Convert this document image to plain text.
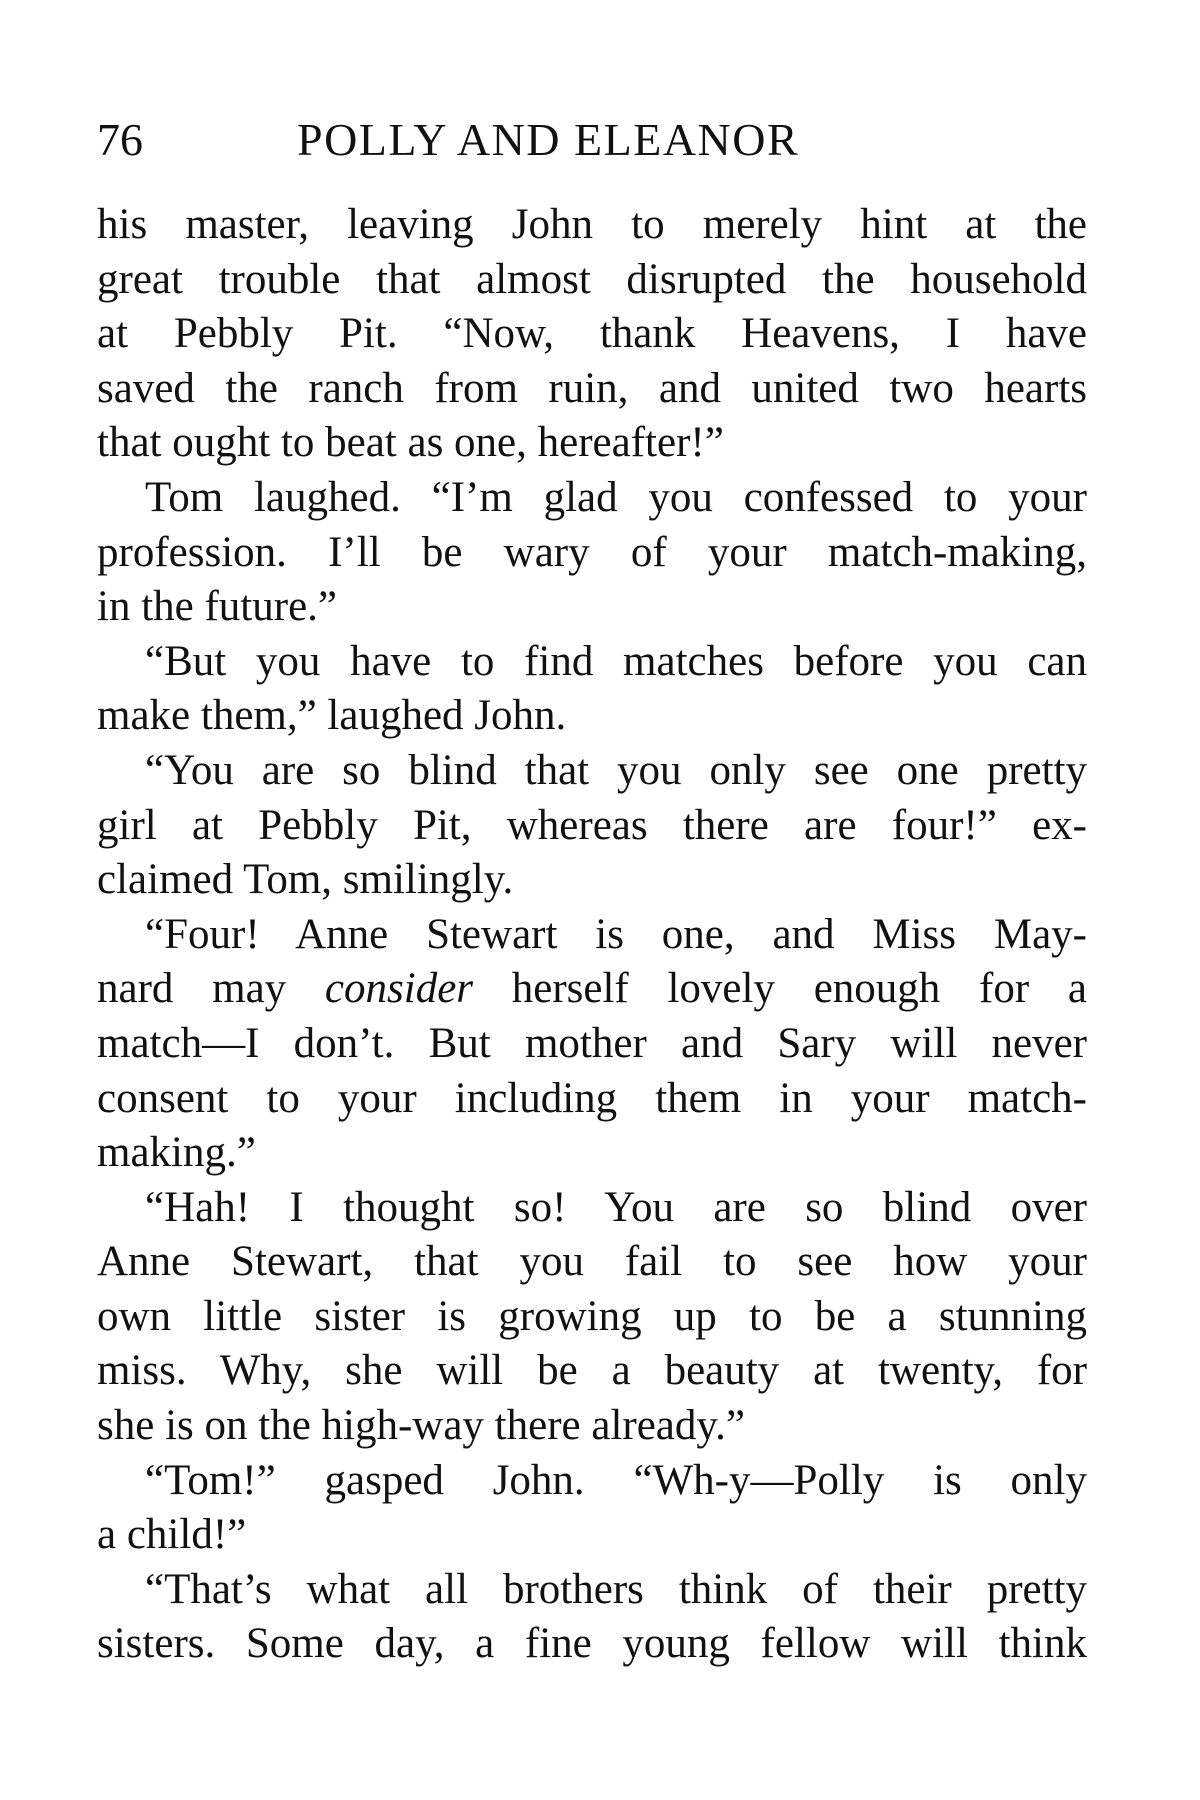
76	POLLY AND ELEANOR
his master, leaving John to merely hint at the
great trouble that almost disrupted the household
at Pebbly Pit. “Now, thank Heavens, I have
saved the ranch from ruin, and united two hearts
that ought to beat as one, hereafter!”
Tom laughed. “I’m glad you confessed to your
profession. I’ll be wary of your match-making,
in the future.”
“But you have to find matches before you can
make them,” laughed John.
“You are so blind that you only see one pretty
girl at Pebbly Pit, whereas there are four!” ex-
claimed Tom, smilingly.
“Four! Anne Stewart is one, and Miss May-
nard may consider herself lovely enough for a
match—I don’t. But mother and Sary will never
consent to your including them in your match-
making.”
“Hah! I thought so! You are so blind over
Anne Stewart, that you fail to see how your
own little sister is growing up to be a stunning
miss. Why, she will be a beauty at twenty, for
she is on the high-way there already.”
“Tom!” gasped John. “Wh-y—Polly is only
a child!”
“That’s what all brothers think of their pretty
sisters. Some day, a fine young fellow will think
